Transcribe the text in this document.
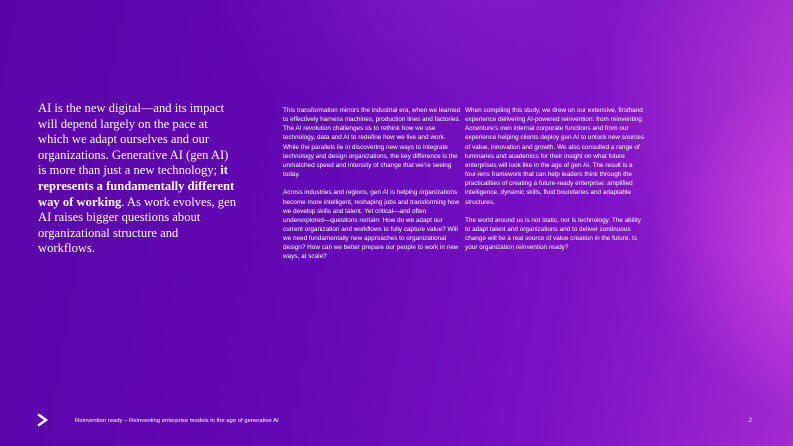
AI is the new digital—and its impact will depend largely on the pace at which we adapt ourselves and our organizations. Generative AI (gen AI) is more than just a new technology; it represents a fundamentally different way of working. As work evolves, gen AI raises bigger questions about organizational structure and workflows.

This transformation mirrors the industrial era, when we learned to effectively harness machines, production lines and factories. The AI revolution challenges us to rethink how we use technology, data and AI to redefine how we live and work. While the parallels lie in discovering new ways to integrate technology and design organizations, the key difference is the unmatched speed and intensity of change that we’re seeing today.

Across industries and regions, gen AI is helping organizations become more intelligent, reshaping jobs and transforming how we develop skills and talent. Yet critical—and often underexplored—questions remain: How do we adapt our current organization and workflows to fully capture value? Will we need fundamentally new approaches to organizational design? How can we better prepare our people to work in new ways, at scale?

When compiling this study, we drew on our extensive, firsthand experience delivering AI-powered reinvention: from reinventing Accenture’s own internal corporate functions and from our experience helping clients deploy gen AI to unlock new sources of value, innovation and growth. We also consulted a range of luminaries and academics for their insight on what future enterprises will look like in the age of gen AI. The result is a four-lens framework that can help leaders think through the practicalities of creating a future-ready enterprise: amplified intelligence, dynamic skills, fluid boundaries and adaptable structures.

The world around us is not static, nor is technology. The ability to adapt talent and organizations and to deliver continuous change will be a real source of value creation in the future. Is your organization reinvention ready?

Reinvention ready – Reinventing enterprise models in the age of generative AI	2
